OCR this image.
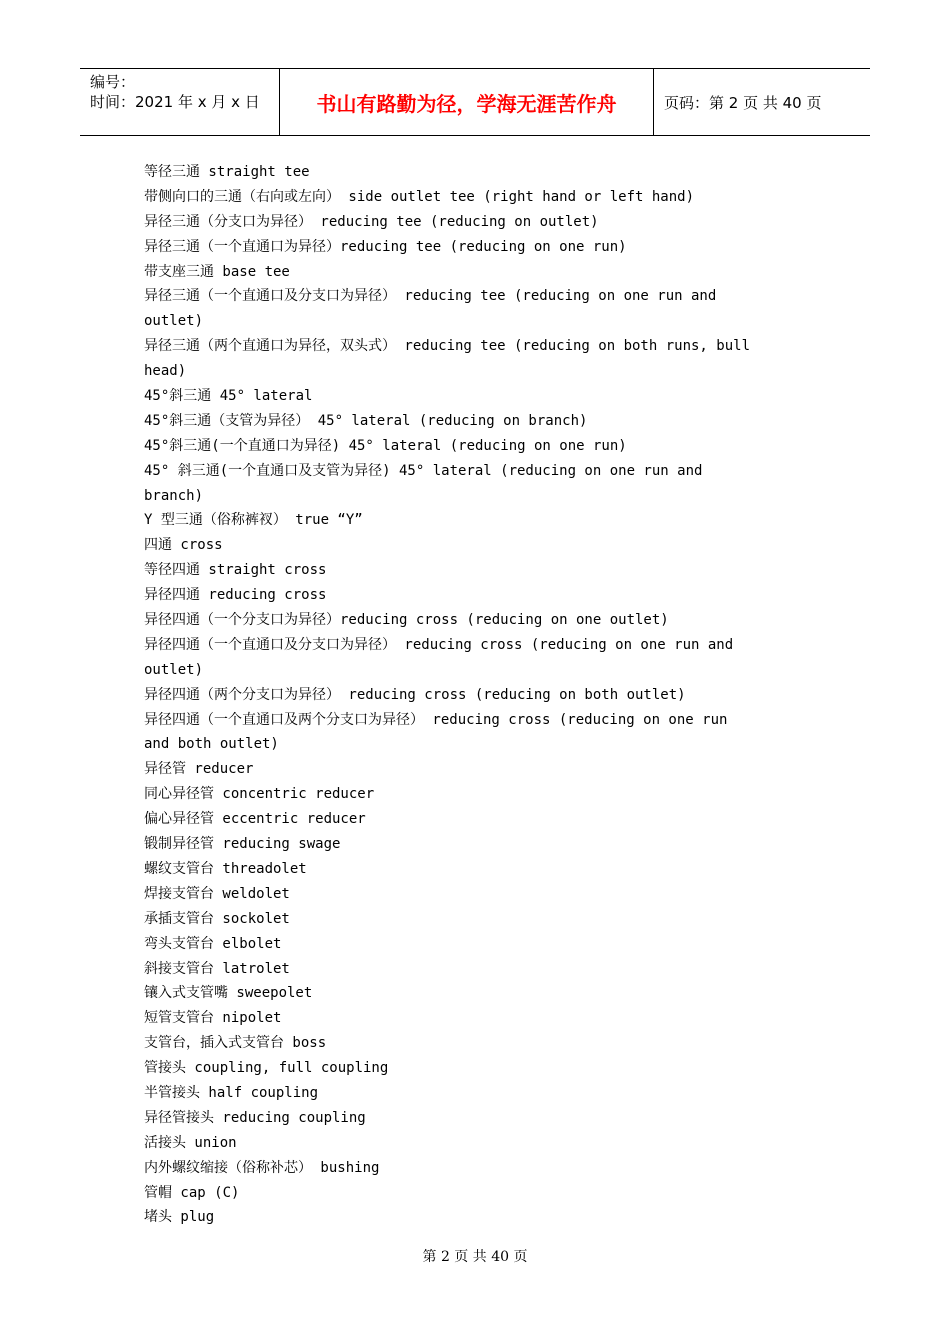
编号：
时间：2021 年 x 月 x 日	书山有路勤为径，学海无涯苦作舟	页码：第 2 页 共 40 页
等径三通 straight tee
带侧向口的三通（右向或左向） side outlet tee (right hand or left hand)
异径三通（分支口为异径） reducing tee (reducing on outlet)
异径三通（一个直通口为异径）reducing tee (reducing on one run)
带支座三通 base tee
异径三通（一个直通口及分支口为异径） reducing tee (reducing on one run and
outlet)
异径三通（两个直通口为异径，双头式） reducing tee (reducing on both runs, bull
head)
45°斜三通 45° lateral
45°斜三通（支管为异径） 45° lateral (reducing on branch)
45°斜三通(一个直通口为异径) 45° lateral (reducing on one run)
45° 斜三通(一个直通口及支管为异径) 45° lateral (reducing on one run and
branch)
Y 型三通（俗称裤衩） true “Y”
四通 cross
等径四通 straight cross
异径四通 reducing cross
异径四通（一个分支口为异径）reducing cross (reducing on one outlet)
异径四通（一个直通口及分支口为异径） reducing cross (reducing on one run and
outlet)
异径四通（两个分支口为异径） reducing cross (reducing on both outlet)
异径四通（一个直通口及两个分支口为异径） reducing cross (reducing on one run
and both outlet)
异径管 reducer
同心异径管 concentric reducer
偏心异径管 eccentric reducer
锻制异径管 reducing swage
螺纹支管台 threadolet
焊接支管台 weldolet
承插支管台 sockolet
弯头支管台 elbolet
斜接支管台 latrolet
镶入式支管嘴 sweepolet
短管支管台 nipolet
支管台，插入式支管台 boss
管接头 coupling, full coupling
半管接头 half coupling
异径管接头 reducing coupling
活接头 union
内外螺纹缩接（俗称补芯） bushing
管帽 cap (C)
堵头 plug
第 2 页 共 40 页
